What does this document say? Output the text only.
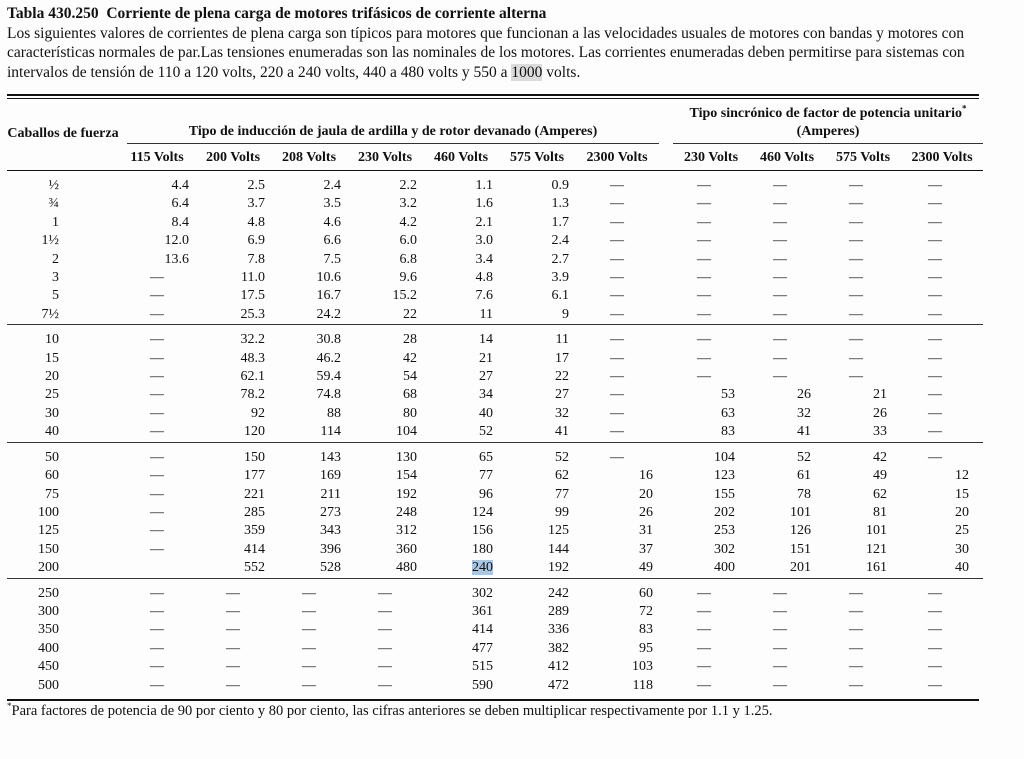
Tabla 430.250 Corriente de plena carga de motores trifásicos de corriente alterna

Los siguientes valores de corrientes de plena carga son típicos para motores que funcionan a las velocidades usuales de motores con bandas y motores con características normales de par.Las tensiones enumeradas son las nominales de los motores. Las corrientes enumeradas deben permitirse para sistemas con intervalos de tensión de 110 a 120 volts, 220 a 240 volts, 440 a 480 volts y 550 a 1000 volts.

Caballos de fuerza	Tipo de inducción de jaula de ardilla y de rotor devanado (Amperes)								Tipo sincrónico de factor de potencia unitario* (Amperes)			

	115 Volts	200 Volts	208 Volts	230 Volts	460 Volts	575 Volts	2300 Volts		230 Volts	460 Volts	575 Volts	2300 Volts

½	4.4	2.5	2.4	2.2	1.1	0.9	—		—	—	—	—
¾	6.4	3.7	3.5	3.2	1.6	1.3	—		—	—	—	—
1	8.4	4.8	4.6	4.2	2.1	1.7	—		—	—	—	—
1½	12.0	6.9	6.6	6.0	3.0	2.4	—		—	—	—	—
2	13.6	7.8	7.5	6.8	3.4	2.7	—		—	—	—	—
3	—	11.0	10.6	9.6	4.8	3.9	—		—	—	—	—
5	—	17.5	16.7	15.2	7.6	6.1	—		—	—	—	—
7½	—	25.3	24.2	22	11	9	—		—	—	—	—

10	—	32.2	30.8	28	14	11	—		—	—	—	—
15	—	48.3	46.2	42	21	17	—		—	—	—	—
20	—	62.1	59.4	54	27	22	—		—	—	—	—
25	—	78.2	74.8	68	34	27	—		53	26	21	—
30	—	92	88	80	40	32	—		63	32	26	—
40	—	120	114	104	52	41	—		83	41	33	—

50	—	150	143	130	65	52	—		104	52	42	—
60	—	177	169	154	77	62	16		123	61	49	12
75	—	221	211	192	96	77	20		155	78	62	15
100	—	285	273	248	124	99	26		202	101	81	20
125	—	359	343	312	156	125	31		253	126	101	25
150	—	414	396	360	180	144	37		302	151	121	30
200		552	528	480	240	192	49		400	201	161	40

250	—	—	—	—	302	242	60		—	—	—	—
300	—	—	—	—	361	289	72		—	—	—	—
350	—	—	—	—	414	336	83		—	—	—	—
400	—	—	—	—	477	382	95		—	—	—	—
450	—	—	—	—	515	412	103		—	—	—	—
500	—	—	—	—	590	472	118		—	—	—	—

*Para factores de potencia de 90 por ciento y 80 por ciento, las cifras anteriores se deben multiplicar respectivamente por 1.1 y 1.25.
